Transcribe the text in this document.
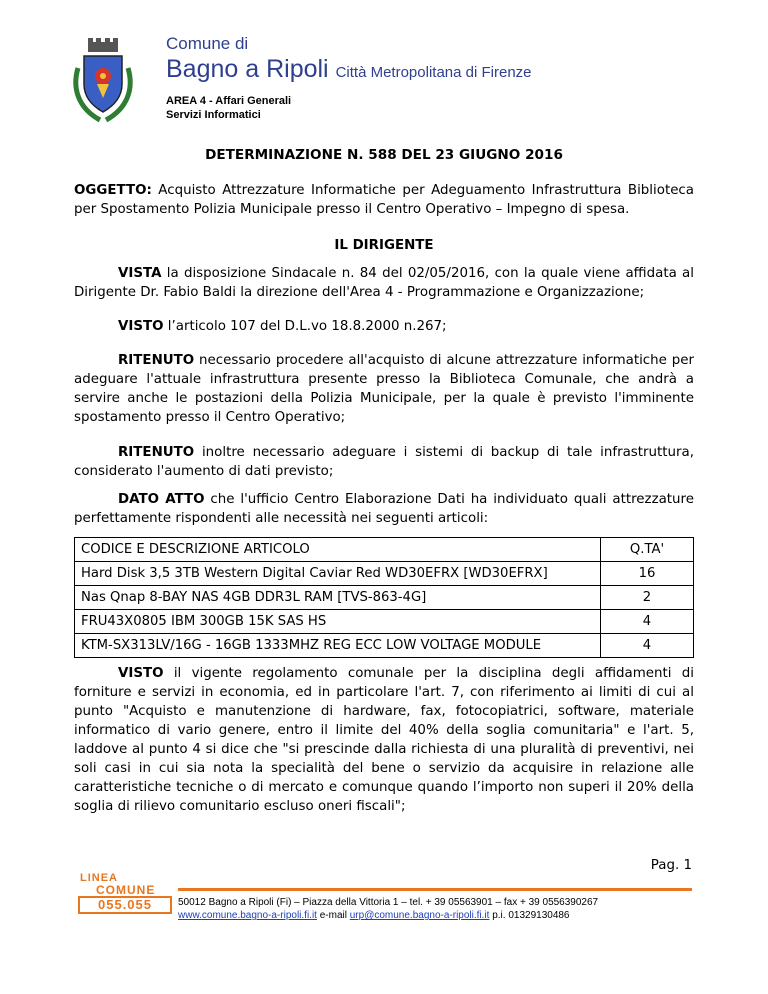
Comune di
Bagno a Ripoli Città Metropolitana di Firenze
AREA 4 - Affari Generali
Servizi Informatici
DETERMINAZIONE N. 588 DEL 23 GIUGNO 2016
OGGETTO: Acquisto Attrezzature Informatiche per Adeguamento Infrastruttura Biblioteca per Spostamento Polizia Municipale presso il Centro Operativo – Impegno di spesa.
IL DIRIGENTE
VISTA la disposizione Sindacale n. 84 del 02/05/2016, con la quale viene affidata al Dirigente Dr. Fabio Baldi la direzione dell'Area 4 - Programmazione e Organizzazione;
VISTO l’articolo 107 del D.L.vo 18.8.2000 n.267;
RITENUTO necessario procedere all'acquisto di alcune attrezzature informatiche per adeguare l'attuale infrastruttura presente presso la Biblioteca Comunale, che andrà a servire anche le postazioni della Polizia Municipale, per la quale è previsto l'imminente spostamento presso il Centro Operativo;
RITENUTO inoltre necessario adeguare i sistemi di backup di tale infrastruttura, considerato l'aumento di dati previsto;
DATO ATTO che l'ufficio Centro Elaborazione Dati ha individuato quali attrezzature perfettamente rispondenti alle necessità nei seguenti articoli:
CODICE E DESCRIZIONE ARTICOLO	Q.TA'
Hard Disk 3,5 3TB Western Digital Caviar Red WD30EFRX [WD30EFRX]	16
Nas Qnap 8-BAY NAS 4GB DDR3L RAM [TVS-863-4G]	2
FRU43X0805 IBM 300GB 15K SAS HS	4
KTM-SX313LV/16G - 16GB 1333MHZ REG ECC LOW VOLTAGE MODULE	4
VISTO il vigente regolamento comunale per la disciplina degli affidamenti di forniture e servizi in economia, ed in particolare l'art. 7, con riferimento ai limiti di cui al punto "Acquisto e manutenzione di hardware, fax, fotocopiatrici, software, materiale informatico di vario genere, entro il limite del 40% della soglia comunitaria" e l'art. 5, laddove al punto 4 si dice che "si prescinde dalla richiesta di una pluralità di preventivi, nei soli casi in cui sia nota la specialità del bene o servizio da acquisire in relazione alle caratteristiche tecniche o di mercato e comunque quando l’importo non superi il 20% della soglia di rilievo comunitario escluso oneri fiscali";
Pag. 1
LINEA
COMUNE
055.055	50012 Bagno a Ripoli (Fi) – Piazza della Vittoria 1 – tel. + 39 05563901 – fax + 39 0556390267
www.comune.bagno-a-ripoli.fi.it e-mail urp@comune.bagno-a-ripoli.fi.it p.i. 01329130486
